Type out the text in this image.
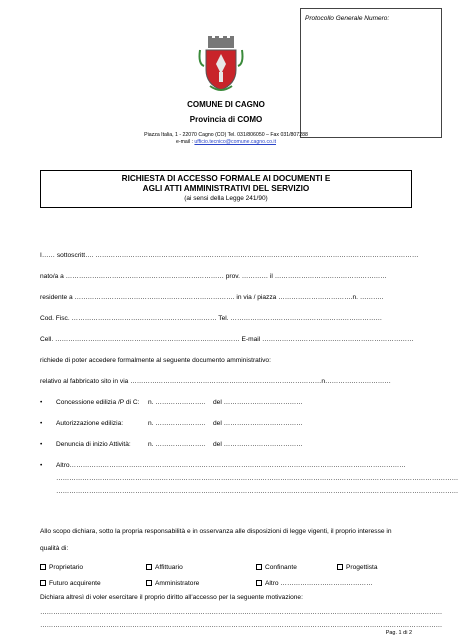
Protocollo Generale Numero:
COMUNE DI CAGNO
Provincia di COMO
Piazza Italia, 1 - 22070 Cagno (CO) Tel. 031/806050 – Fax 031/807288
e-mail : ufficio.tecnico@comune.cagno.co.it
RICHIESTA DI ACCESSO FORMALE AI DOCUMENTI E
AGLI ATTI AMMINISTRATIVI DEL SERVIZIO
(ai sensi della Legge 241/90)
I…… sottoscritt…. …………………………………………………………………………………………………………………………………
nato/a a ……………………………………………………………… prov. ………… il ……………………………………………
residente a ………………………………………………………………. in via / piazza …………………………….n. ………..
Cod. Fisc. ………………………………………………………… Tel. ……………………………………………………………
Cell. ………………………………………………………………………… E-mail ……………………………………………………………
richiede di poter accedere formalmente al seguente documento amministrativo:
relativo al fabbricato sito in via ……………………………………………………………………………n…………………………
• Concessione edilizia /P di C: n. ………………….. del ………………………………
• Autorizzazione edilizia:	n. ………………….. del ………………………………
• Denuncia di inizio Attività:	n. ………………….. del ………………………………
• Altro………………………………………………………………………………………………………………………………………
…………………………………………………………………………………………………………………………………………………………………
…………………………………………………………………………………………………………………………………………………………………
Allo scopo dichiara, sotto la propria responsabilità e in osservanza alle disposizioni di legge vigenti, il proprio interesse in
qualità di:
Proprietario	Affittuario	Confinante	Progettista
Futuro acquirente	Amministratore	Altro ……………………………………
Dichiara altresì di voler esercitare il proprio diritto all'accesso per la seguente motivazione:
…………………………………………………………………………………………………………………………………………………………………
…………………………………………………………………………………………………………………………………………………………………
Pag. 1 di 2
